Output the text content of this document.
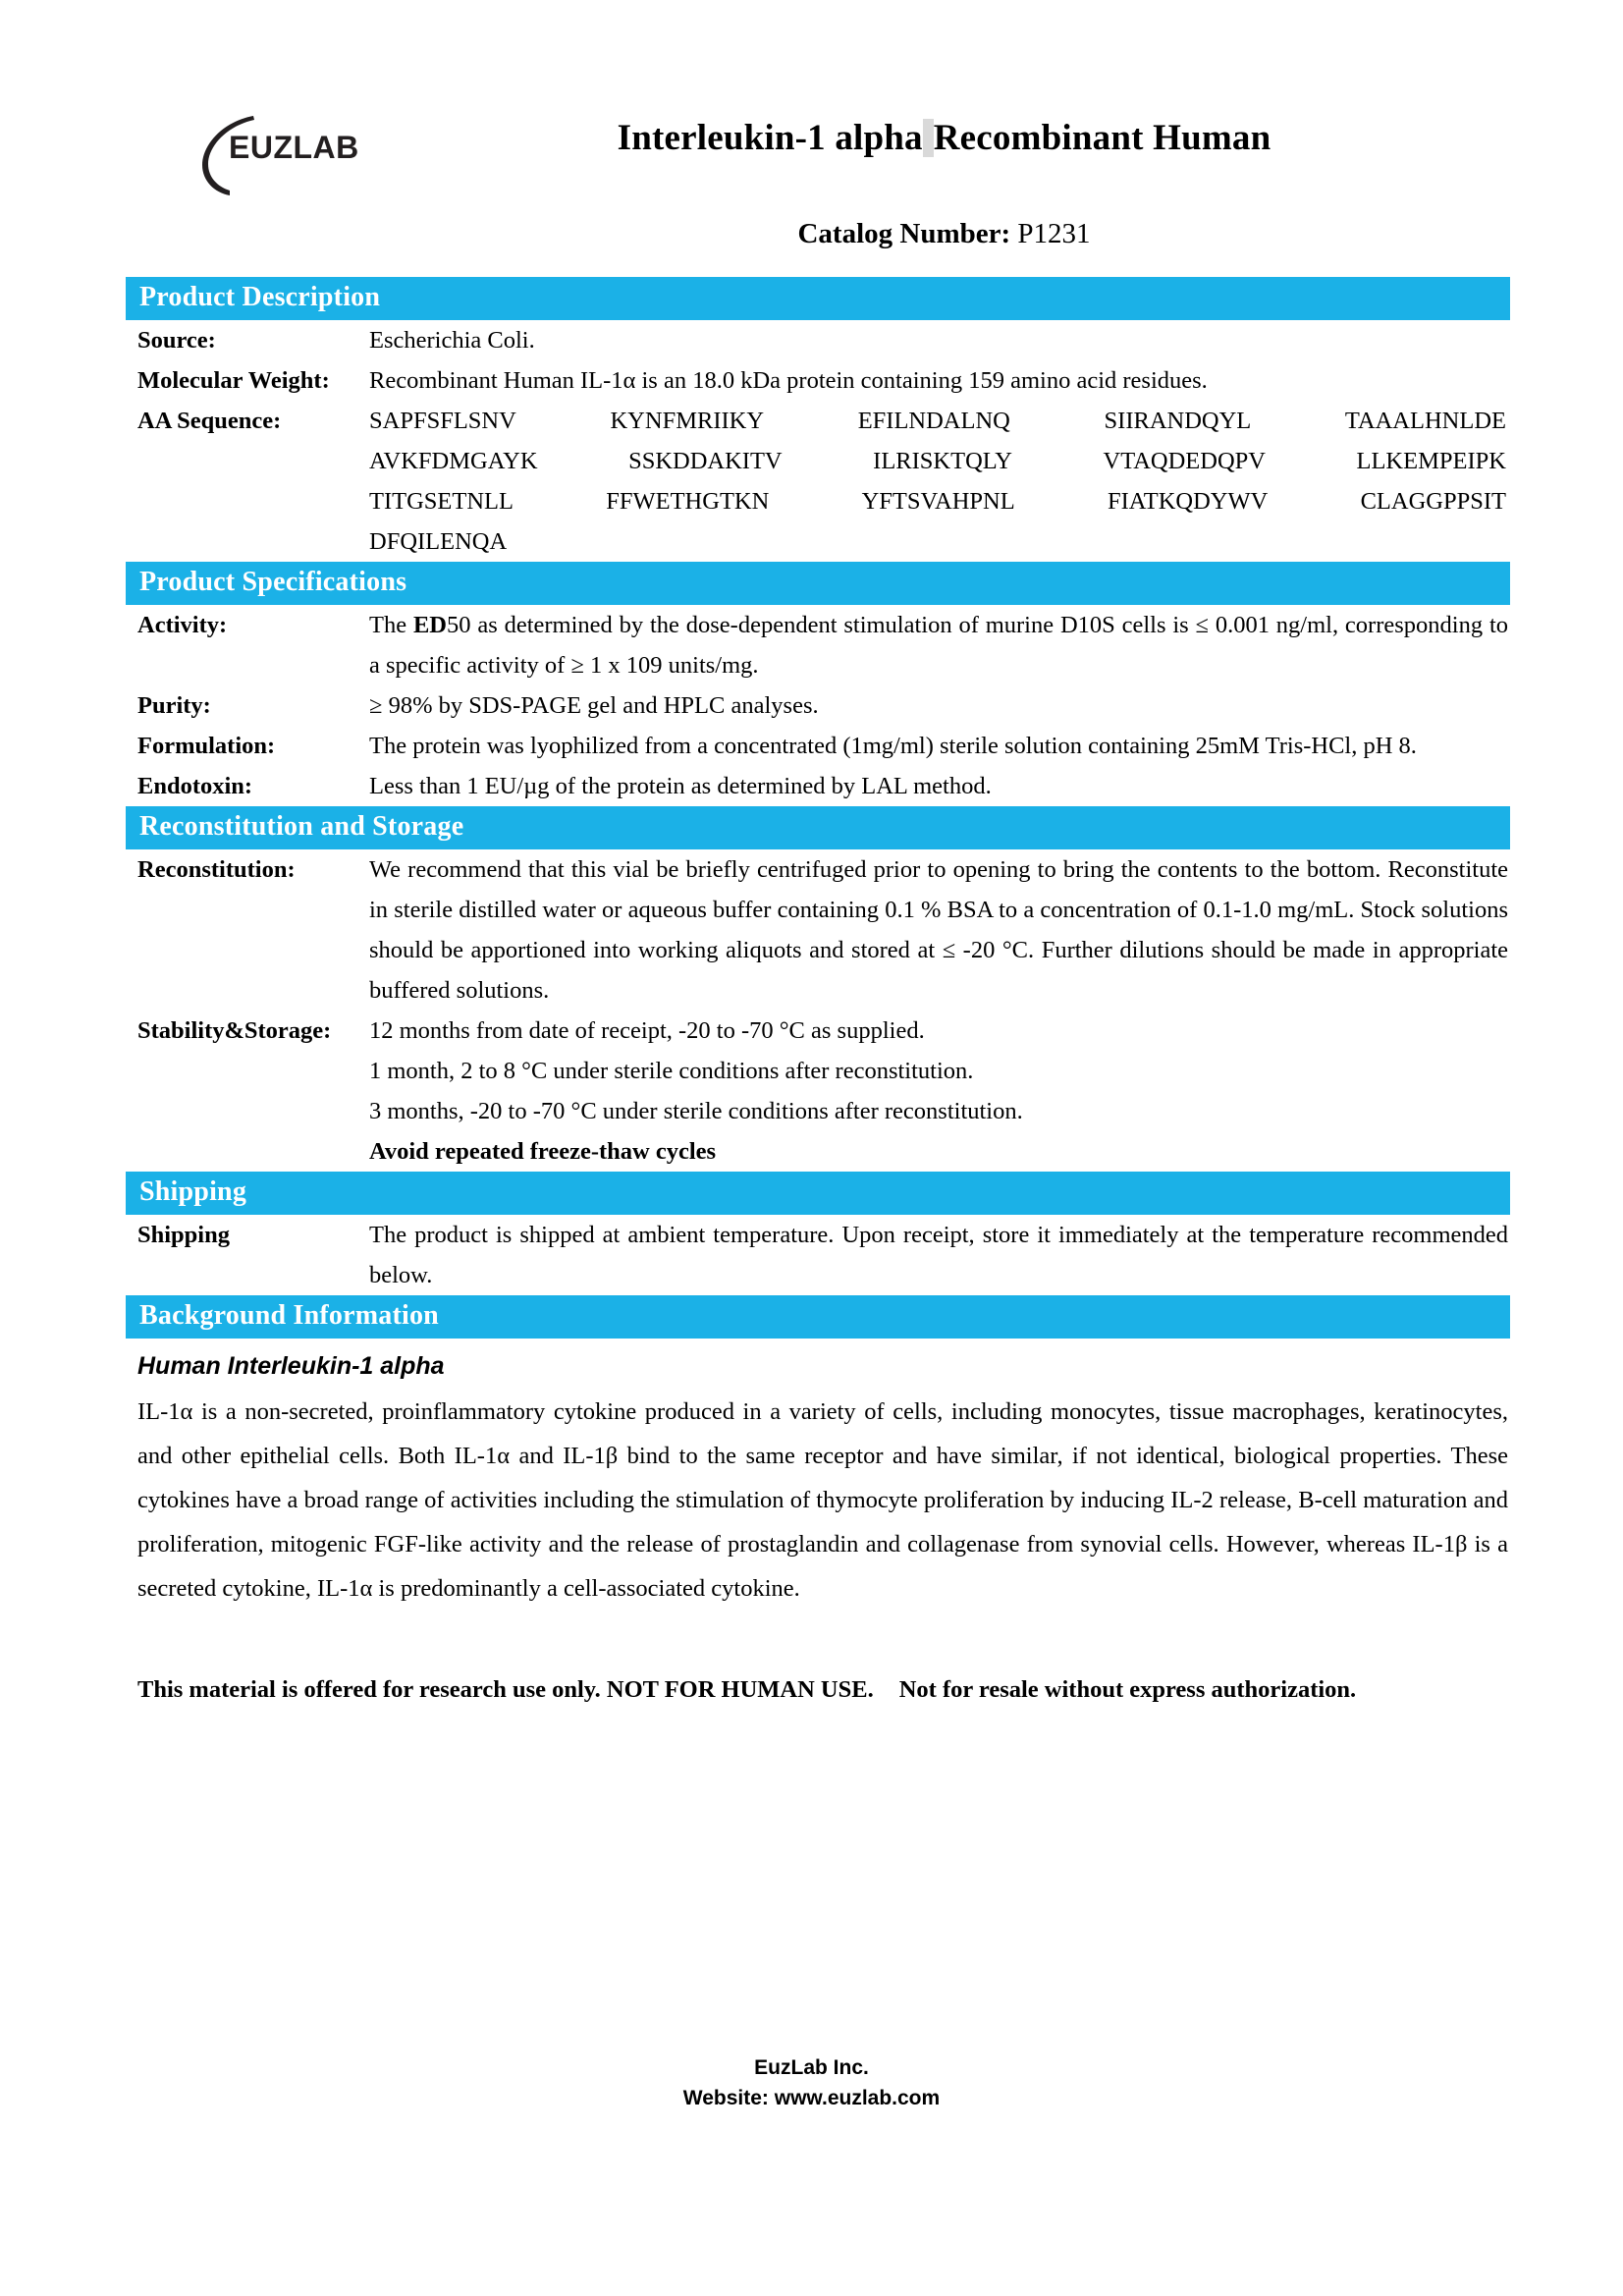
EUZLAB	Interleukin-1 alpha Recombinant Human
Catalog Number: P1231
Product Description
Source:	Escherichia Coli.
Molecular Weight:	Recombinant Human IL-1α is an 18.0 kDa protein containing 159 amino acid residues.
AA Sequence:	SAPFSFLSNV	KYNFMRIIKY	EFILNDALNQ	SIIRANDQYL	TAAALHNLDE
AVKFDMGAYK	SSKDDAKITV	ILRISKTQLY	VTAQDEDQPV	LLKEMPEIPK
TITGSETNLL	FFWETHGTKN	YFTSVAHPNL	FIATKQDYWV	CLAGGPPSIT
DFQILENQA
Product Specifications
Activity:	The ED50 as determined by the dose-dependent stimulation of murine D10S cells is ≤ 0.001 ng/ml, corresponding to a specific activity of ≥ 1 x 109 units/mg.
Purity:	≥ 98% by SDS-PAGE gel and HPLC analyses.
Formulation:	The protein was lyophilized from a concentrated (1mg/ml) sterile solution containing 25mM Tris-HCl, pH 8.
Endotoxin:	Less than 1 EU/µg of the protein as determined by LAL method.
Reconstitution and Storage
Reconstitution:	We recommend that this vial be briefly centrifuged prior to opening to bring the contents to the bottom. Reconstitute in sterile distilled water or aqueous buffer containing 0.1 % BSA to a concentration of 0.1-1.0 mg/mL. Stock solutions should be apportioned into working aliquots and stored at ≤ -20 °C. Further dilutions should be made in appropriate buffered solutions.
Stability&Storage:	12 months from date of receipt, -20 to -70 °C as supplied.
1 month, 2 to 8 °C under sterile conditions after reconstitution.
3 months, -20 to -70 °C under sterile conditions after reconstitution.
Avoid repeated freeze-thaw cycles
Shipping
Shipping	The product is shipped at ambient temperature. Upon receipt, store it immediately at the temperature recommended below.
Background Information
Human Interleukin-1 alpha
IL-1α is a non-secreted, proinflammatory cytokine produced in a variety of cells, including monocytes, tissue macrophages, keratinocytes, and other epithelial cells. Both IL-1α and IL-1β bind to the same receptor and have similar, if not identical, biological properties. These cytokines have a broad range of activities including the stimulation of thymocyte proliferation by inducing IL-2 release, B-cell maturation and proliferation, mitogenic FGF-like activity and the release of prostaglandin and collagenase from synovial cells. However, whereas IL-1β is a secreted cytokine, IL-1α is predominantly a cell-associated cytokine.
This material is offered for research use only. NOT FOR HUMAN USE. Not for resale without express authorization.
EuzLab Inc.
Website: www.euzlab.com
